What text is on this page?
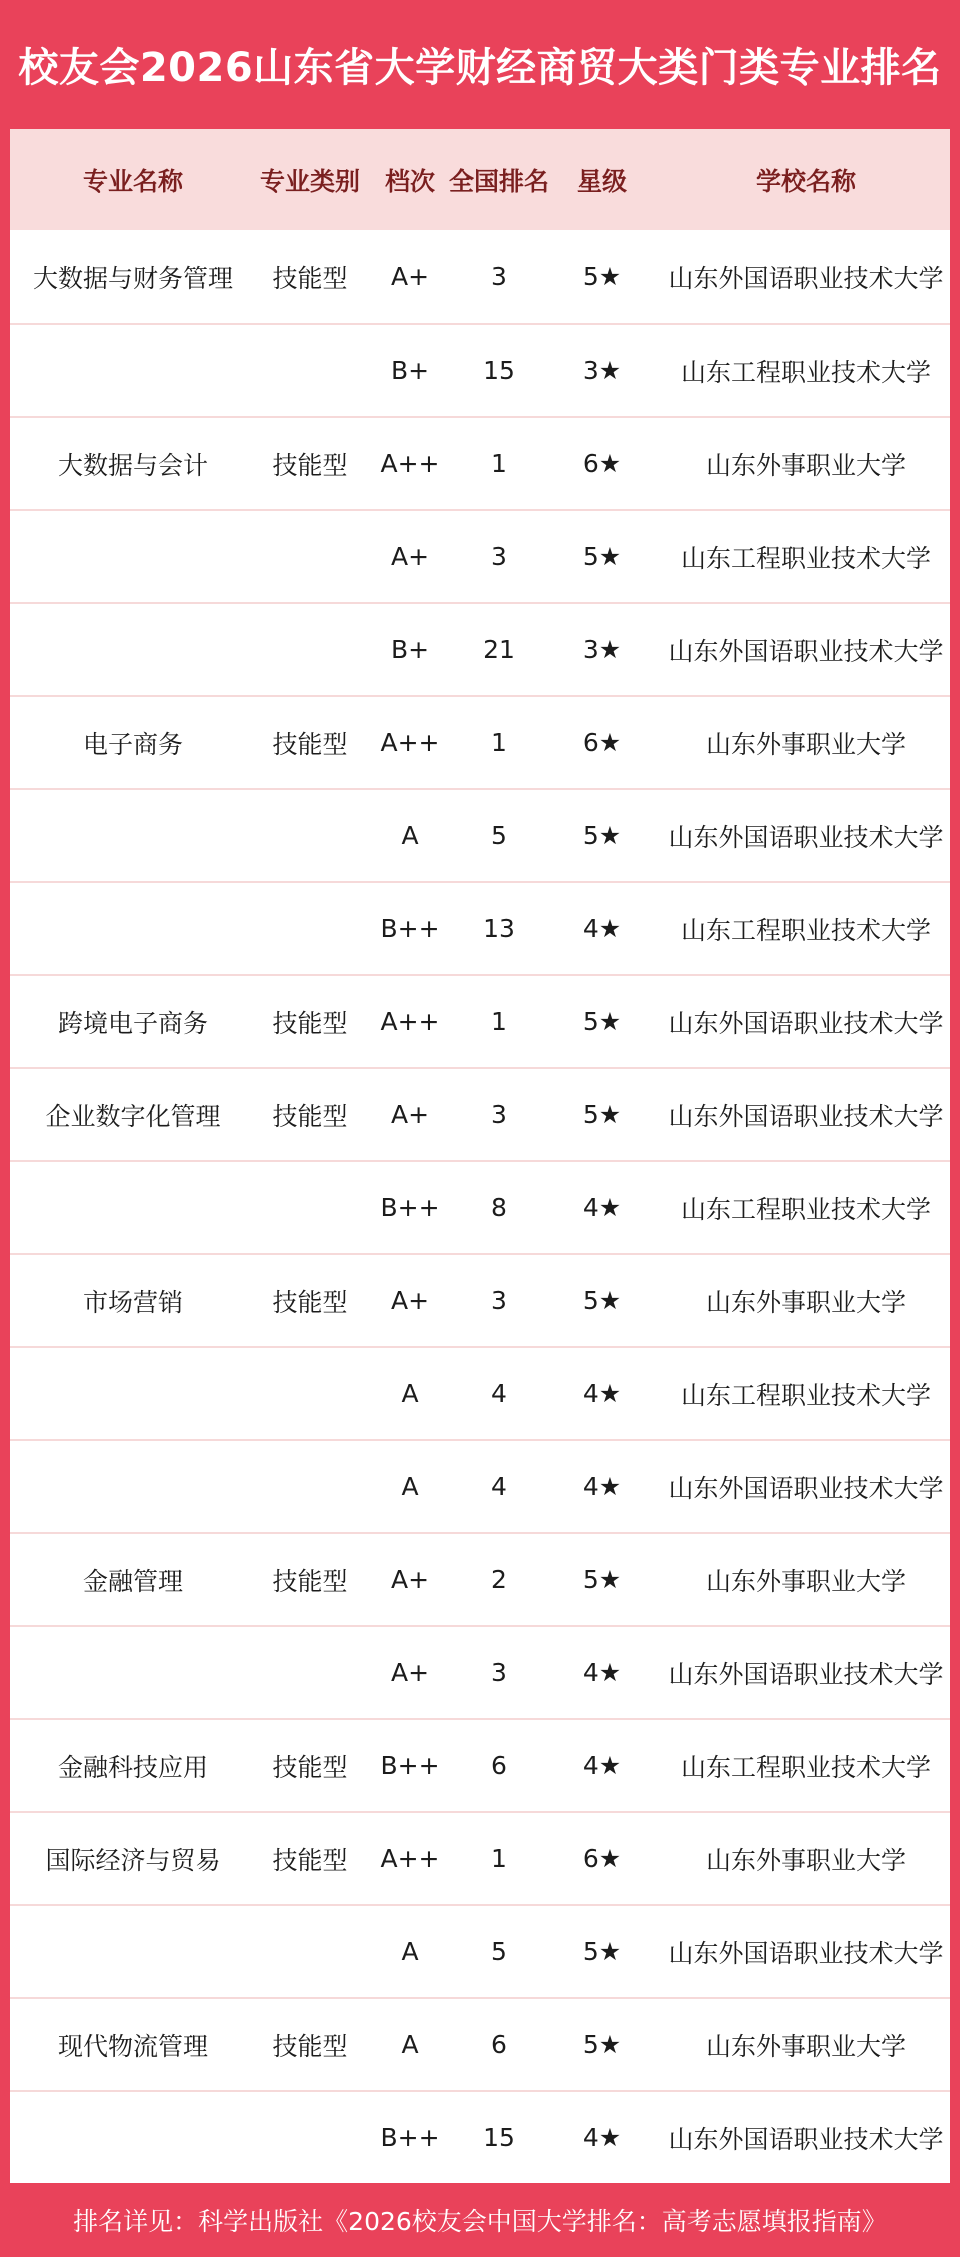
校友会2026山东省大学财经商贸大类门类专业排名
专业名称	专业类别 档次 全国排名	星级	学校名称
大数据与财务管理	技能型	A+	3	5★	山东外国语职业技术大学
B+	15	3★	山东工程职业技术大学
大数据与会计	技能型	A++	1	6★	山东外事职业大学
A+	3	5★	山东工程职业技术大学
B+	21	3★	山东外国语职业技术大学
电子商务	技能型	A++	1	6★	山东外事职业大学
A	5	5★	山东外国语职业技术大学
B++	13	4★	山东工程职业技术大学
跨境电子商务	技能型	A++	1	5★	山东外国语职业技术大学
企业数字化管理	技能型	A+	3	5★	山东外国语职业技术大学
B++	8	4★	山东工程职业技术大学
市场营销	技能型	A+	3	5★	山东外事职业大学
A	4	4★	山东工程职业技术大学
A	4	4★	山东外国语职业技术大学
金融管理	技能型	A+	2	5★	山东外事职业大学
A+	3	4★	山东外国语职业技术大学
金融科技应用	技能型	B++	6	4★	山东工程职业技术大学
国际经济与贸易	技能型	A++	1	6★	山东外事职业大学
A	5	5★	山东外国语职业技术大学
现代物流管理	技能型	A	6	5★	山东外事职业大学
B++	15	4★	山东外国语职业技术大学
排名详见：科学出版社《2026校友会中国大学排名：高考志愿填报指南》
